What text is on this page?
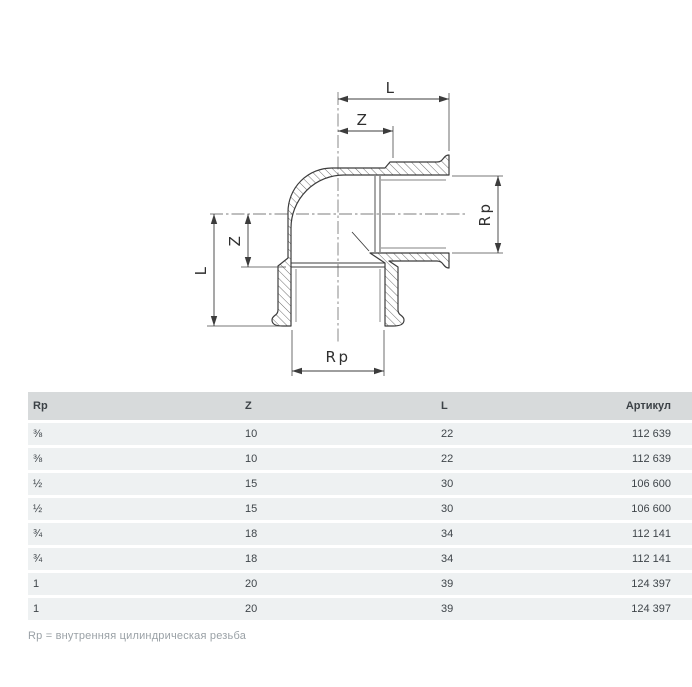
L
Z
L
Z
Rp
Rp
Rp	Z	L	Артикул
⅜	10	22	112 639
⅜	10	22	112 639
½	15	30	106 600
½	15	30	106 600
¾	18	34	112 141
¾	18	34	112 141
1	20	39	124 397
1	20	39	124 397
Rp = внутренняя цилиндрическая резьба
